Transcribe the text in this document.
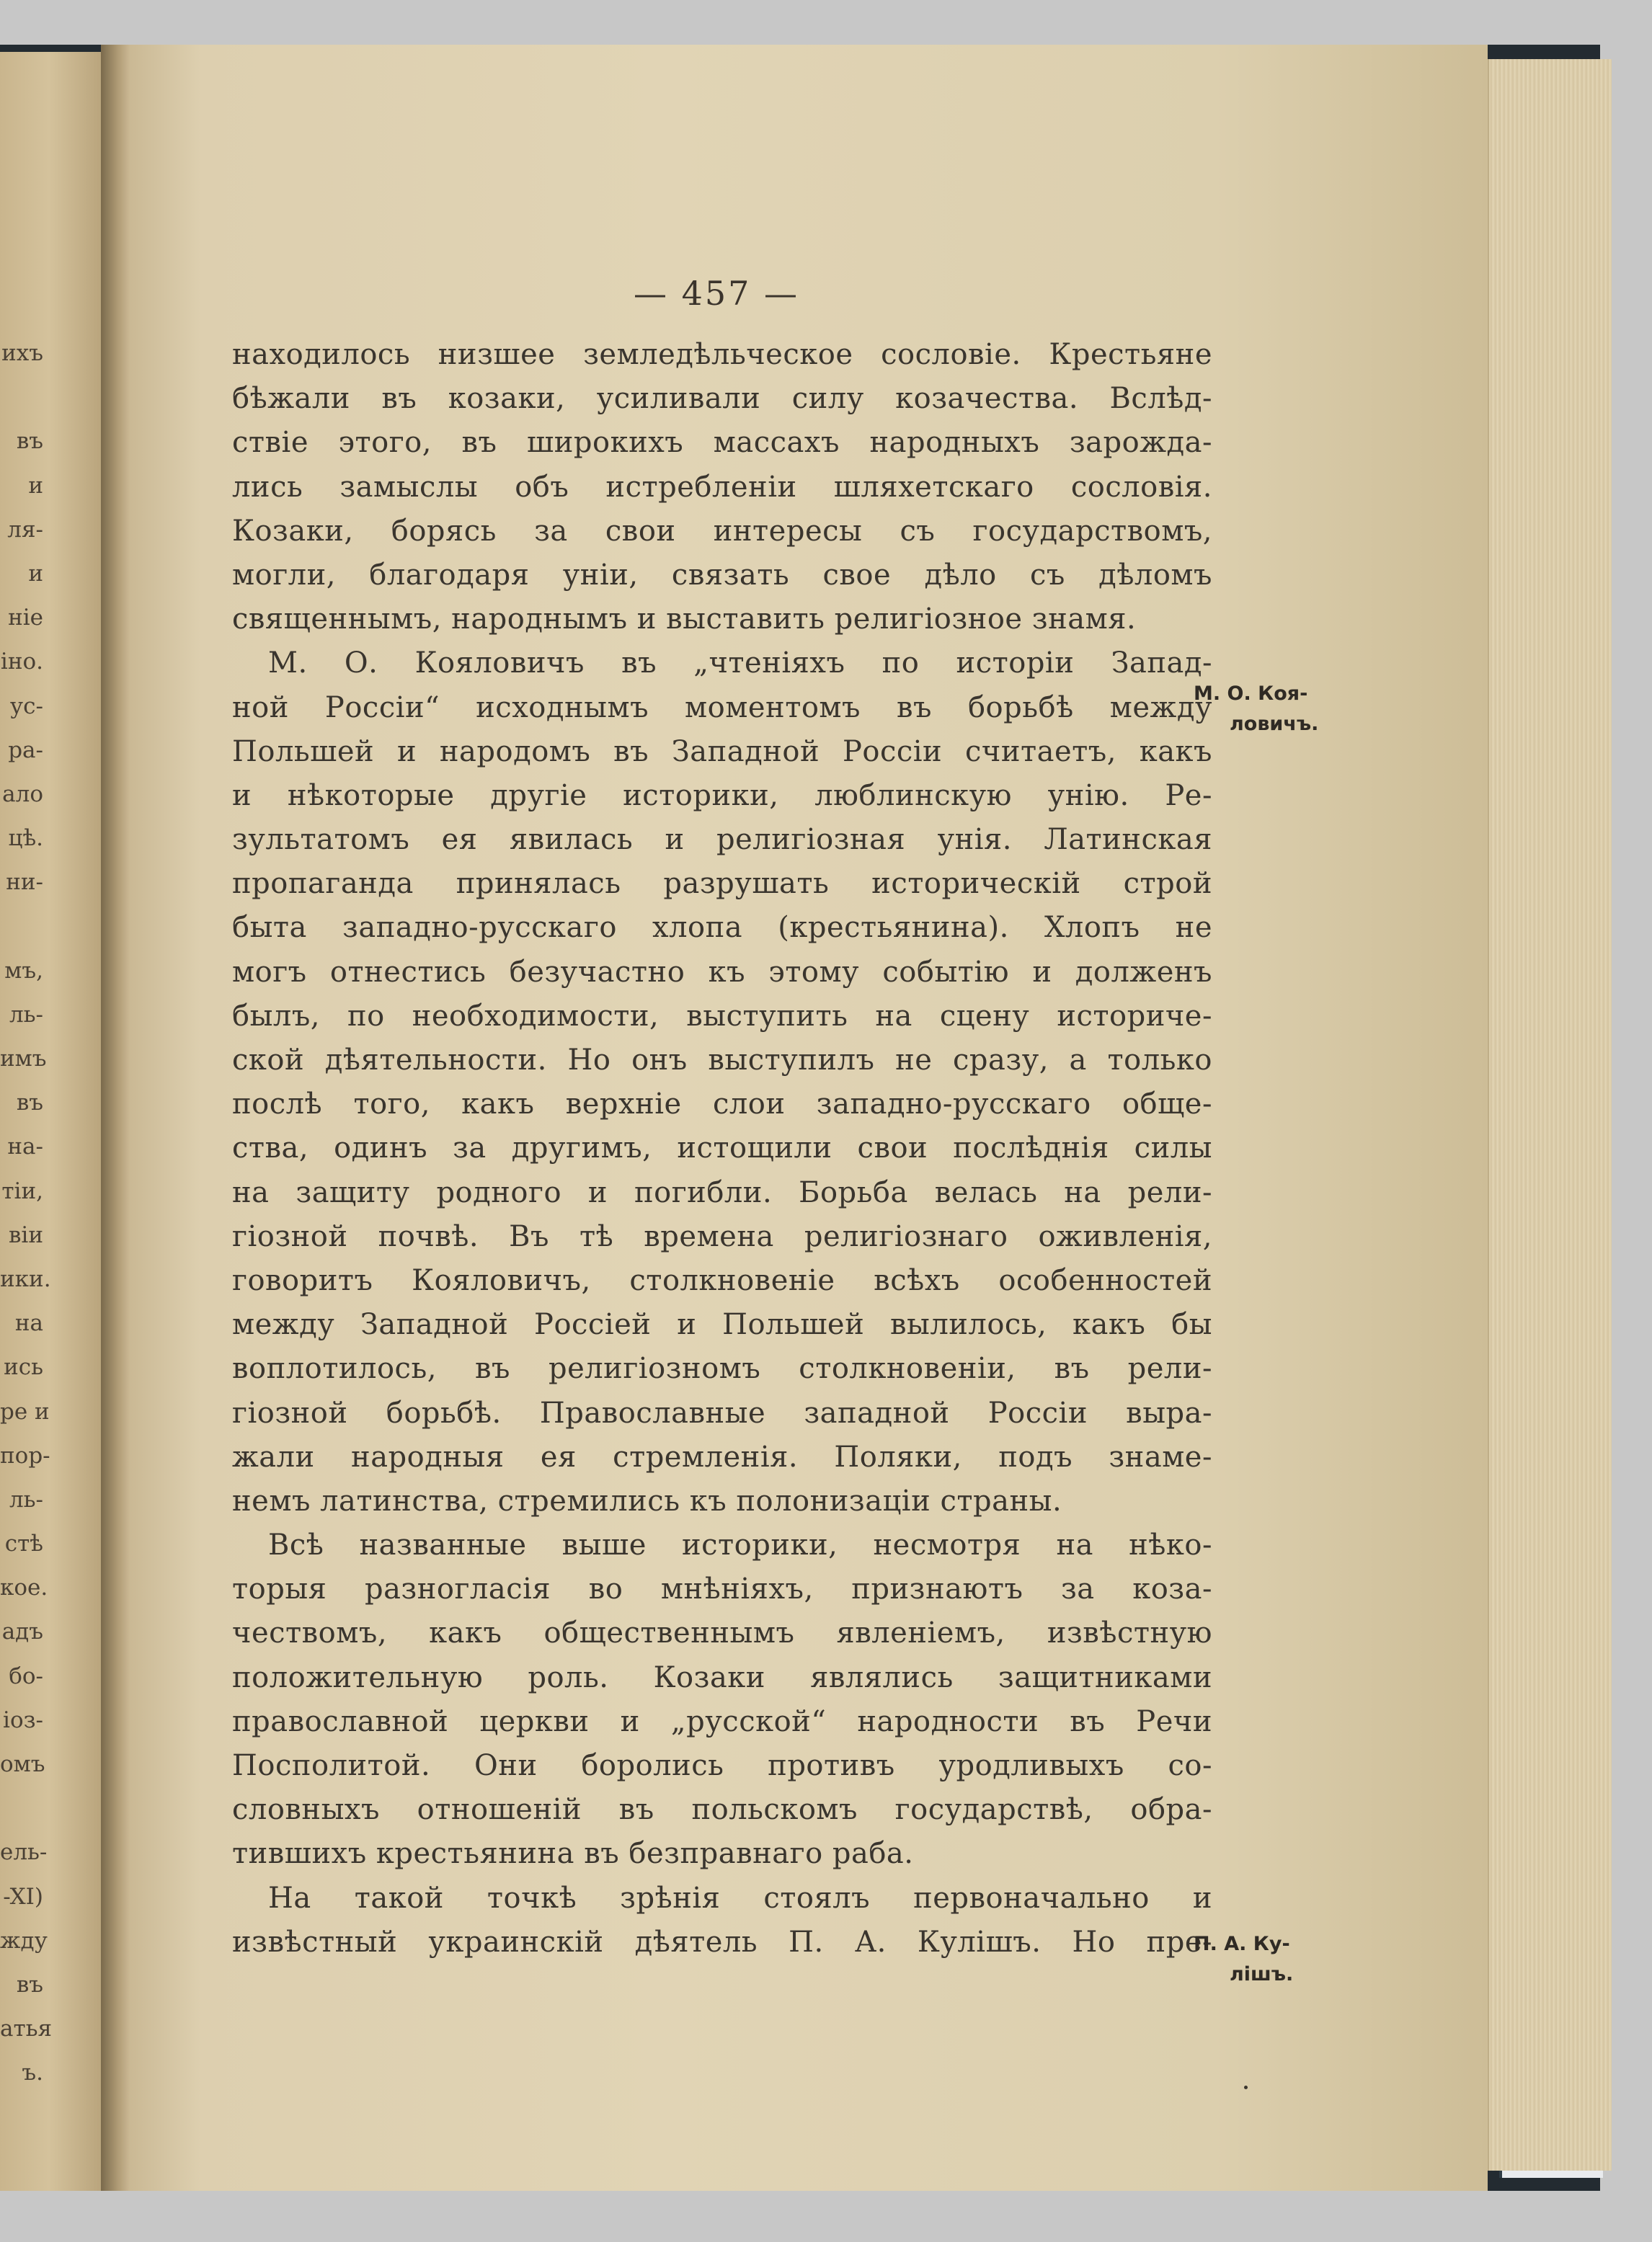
— 457 —
находилось низшее земледѣльческое сословіе. Крестьяне
бѣжали въ козаки, усиливали силу козачества. Вслѣд-
ствіе этого, въ широкихъ массахъ народныхъ зарожда-
лись замыслы объ истребленіи шляхетскаго сословія.
Козаки, борясь за свои интересы съ государствомъ,
могли, благодаря уніи, связать свое дѣло съ дѣломъ
священнымъ, народнымъ и выставить религіозное знамя.
М. О. Кояловичъ въ „чтеніяхъ по исторіи Запад-
ной Россіи“ исходнымъ моментомъ въ борьбѣ между
Польшей и народомъ въ Западной Россіи считаетъ, какъ
и нѣкоторые другіе историки, люблинскую унію. Ре-
зультатомъ ея явилась и религіозная унія. Латинская
пропаганда принялась разрушать историческій строй
быта западно-русскаго хлопа (крестьянина). Хлопъ не
могъ отнестись безучастно къ этому событію и долженъ
былъ, по необходимости, выступить на сцену историче-
ской дѣятельности. Но онъ выступилъ не сразу, а только
послѣ того, какъ верхніе слои западно-русскаго обще-
ства, одинъ за другимъ, истощили свои послѣднія силы
на защиту родного и погибли. Борьба велась на рели-
гіозной почвѣ. Въ тѣ времена религіознаго оживленія,
говоритъ Кояловичъ, столкновеніе всѣхъ особенностей
между Западной Россіей и Польшей вылилось, какъ бы
воплотилось, въ религіозномъ столкновеніи, въ рели-
гіозной борьбѣ. Православные западной Россіи выра-
жали народныя ея стремленія. Поляки, подъ знаме-
немъ латинства, стремились къ полонизаціи страны.
Всѣ названные выше историки, несмотря на нѣко-
торыя разногласія во мнѣніяхъ, признаютъ за коза-
чествомъ, какъ общественнымъ явленіемъ, извѣстную
положительную роль. Козаки являлись защитниками
православной церкви и „русской“ народности въ Речи
Посполитой. Они боролись противъ уродливыхъ со-
словныхъ отношеній въ польскомъ государствѣ, обра-
тившихъ крестьянина въ безправнаго раба.
На такой точкѣ зрѣнія стоялъ первоначально и
извѣстный украинскій дѣятель П. А. Кулішъ. Но пре-
М. О. Коя-
ловичъ.
П. А. Ку-
лішъ.
ихъ
въ
и
ля-
и
ніе
іно.
ус-
ра-
ало
цѣ.
ни-
мъ,
ль-
имъ
въ
на-
тіи,
віи
ики.
на
ись
ре и
пор-
ль-
стѣ
кое.
адъ
бо-
іоз-
омъ
ель-
-XI)
жду
въ
атья
ъ.
